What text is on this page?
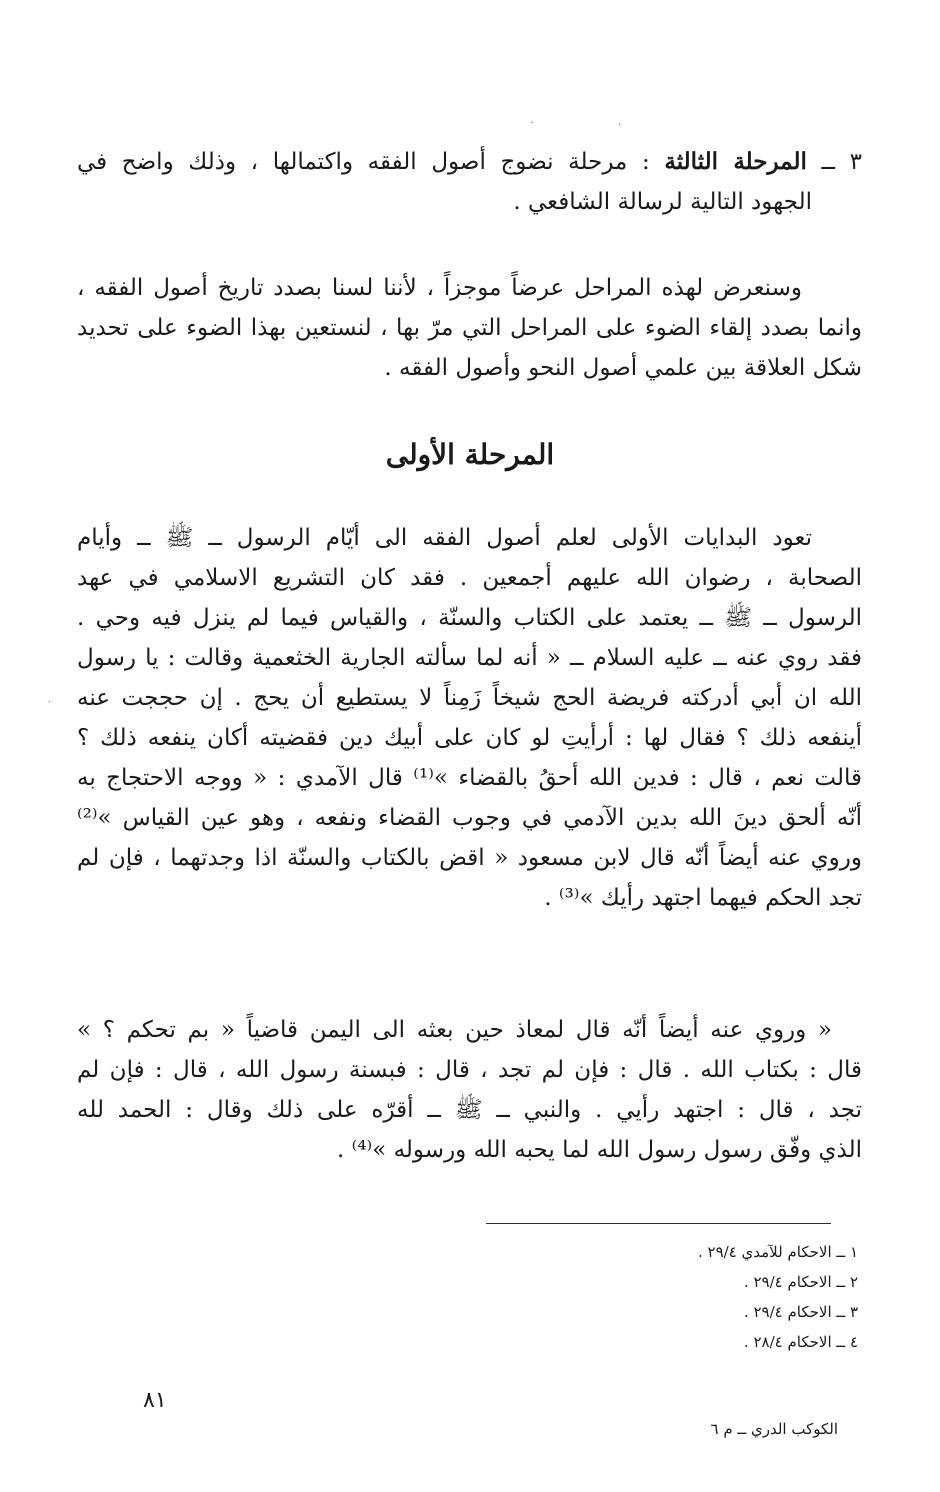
٣ ــ المرحلة الثالثة : مرحلة نضوج أصول الفقه واكتمالها ، وذلك واضح في
الجهود التالية لرسالة الشافعي .
وسنعرض لهذه المراحل عرضاً موجزاً ، لأننا لسنا بصدد تاريخ أصول الفقه ،
وانما بصدد إلقاء الضوء على المراحل التي مرّ بها ، لنستعين بهذا الضوء على تحديد
شكل العلاقة بين علمي أصول النحو وأصول الفقه .
المرحلة الأولى
تعود البدايات الأولى لعلم أصول الفقه الى أيّام الرسول ــ ﷺ ــ وأيام
الصحابة ، رضوان الله عليهم أجمعين . فقد كان التشريع الاسلامي في عهد
الرسول ــ ﷺ ــ يعتمد على الكتاب والسنّة ، والقياس فيما لم ينزل فيه وحي .
فقد روي عنه ــ عليه السلام ــ « أنه لما سألته الجارية الخثعمية وقالت : يا رسول
الله ان أبي أدركته فريضة الحج شيخاً زَمِناً لا يستطيع أن يحج . إن حججت عنه
أينفعه ذلك ؟ فقال لها : أرأيتِ لو كان على أبيك دين فقضيته أكان ينفعه ذلك ؟
قالت نعم ، قال : فدين الله أحقُ بالقضاء »⁽¹⁾ قال الآمدي : « ووجه الاحتجاج به
أنّه ألحق دينَ الله بدين الآدمي في وجوب القضاء ونفعه ، وهو عين القياس »⁽²⁾
وروي عنه أيضاً أنّه قال لابن مسعود « اقض بالكتاب والسنّة اذا وجدتهما ، فإن لم
تجد الحكم فيهما اجتهد رأيك »⁽³⁾ .
« وروي عنه أيضاً أنّه قال لمعاذ حين بعثه الى اليمن قاضياً « بم تحكم ؟ »
قال : بكتاب الله . قال : فإن لم تجد ، قال : فبسنة رسول الله ، قال : فإن لم
تجد ، قال : اجتهد رأيي . والنبي ــ ﷺ ــ أقرّه على ذلك وقال : الحمد لله
الذي وفّق رسول رسول الله لما يحبه الله ورسوله »⁽⁴⁾ .
١ ــ الاحكام للآمدي ٢٩/٤ .
٢ ــ الاحكام ٢٩/٤ .
٣ ــ الاحكام ٢٩/٤ .
٤ ــ الاحكام ٢٨/٤ .
٨١
الكوكب الدري ــ م ٦
·
·
ˏ
